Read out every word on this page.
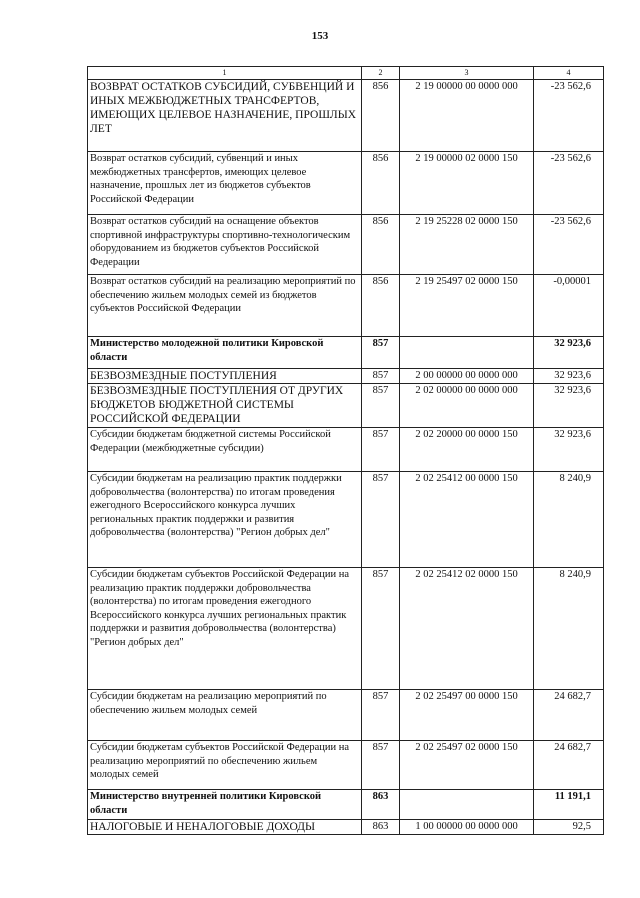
153
1	2	3	4
ВОЗВРАТ ОСТАТКОВ СУБСИДИЙ, СУБВЕНЦИЙ И ИНЫХ МЕЖБЮДЖЕТНЫХ ТРАНСФЕРТОВ, ИМЕЮЩИХ ЦЕЛЕВОЕ НАЗНАЧЕНИЕ, ПРОШЛЫХ ЛЕТ	856	2 19 00000 00 0000 000	-23 562,6
Возврат остатков субсидий, субвенций и иных межбюджетных трансфертов, имеющих целевое назначение, прошлых лет из бюджетов субъектов Российской Федерации	856	2 19 00000 02 0000 150	-23 562,6
Возврат остатков субсидий на оснащение объектов спортивной инфраструктуры спортивно-технологическим оборудованием из бюджетов субъектов Российской Федерации	856	2 19 25228 02 0000 150	-23 562,6
Возврат остатков субсидий на реализацию мероприятий по обеспечению жильем молодых семей из бюджетов субъектов Российской Федерации	856	2 19 25497 02 0000 150	-0,00001
Министерство молодежной политики Кировской области	857		32 923,6
БЕЗВОЗМЕЗДНЫЕ ПОСТУПЛЕНИЯ	857	2 00 00000 00 0000 000	32 923,6
БЕЗВОЗМЕЗДНЫЕ ПОСТУПЛЕНИЯ ОТ ДРУГИХ БЮДЖЕТОВ БЮДЖЕТНОЙ СИСТЕМЫ РОССИЙСКОЙ ФЕДЕРАЦИИ	857	2 02 00000 00 0000 000	32 923,6
Субсидии бюджетам бюджетной системы Российской Федерации (межбюджетные субсидии)	857	2 02 20000 00 0000 150	32 923,6
Субсидии бюджетам на реализацию практик поддержки добровольчества (волонтерства) по итогам проведения ежегодного Всероссийского конкурса лучших региональных практик поддержки и развития добровольчества (волонтерства) "Регион добрых дел"	857	2 02 25412 00 0000 150	8 240,9
Субсидии бюджетам субъектов Российской Федерации на реализацию практик поддержки добровольчества (волонтерства) по итогам проведения ежегодного Всероссийского конкурса лучших региональных практик поддержки и развития добровольчества (волонтерства) "Регион добрых дел"	857	2 02 25412 02 0000 150	8 240,9
Субсидии бюджетам на реализацию мероприятий по обеспечению жильем молодых семей	857	2 02 25497 00 0000 150	24 682,7
Субсидии бюджетам субъектов Российской Федерации на реализацию мероприятий по обеспечению жильем молодых семей	857	2 02 25497 02 0000 150	24 682,7
Министерство внутренней политики Кировской области	863		11 191,1
НАЛОГОВЫЕ И НЕНАЛОГОВЫЕ ДОХОДЫ	863	1 00 00000 00 0000 000	92,5
